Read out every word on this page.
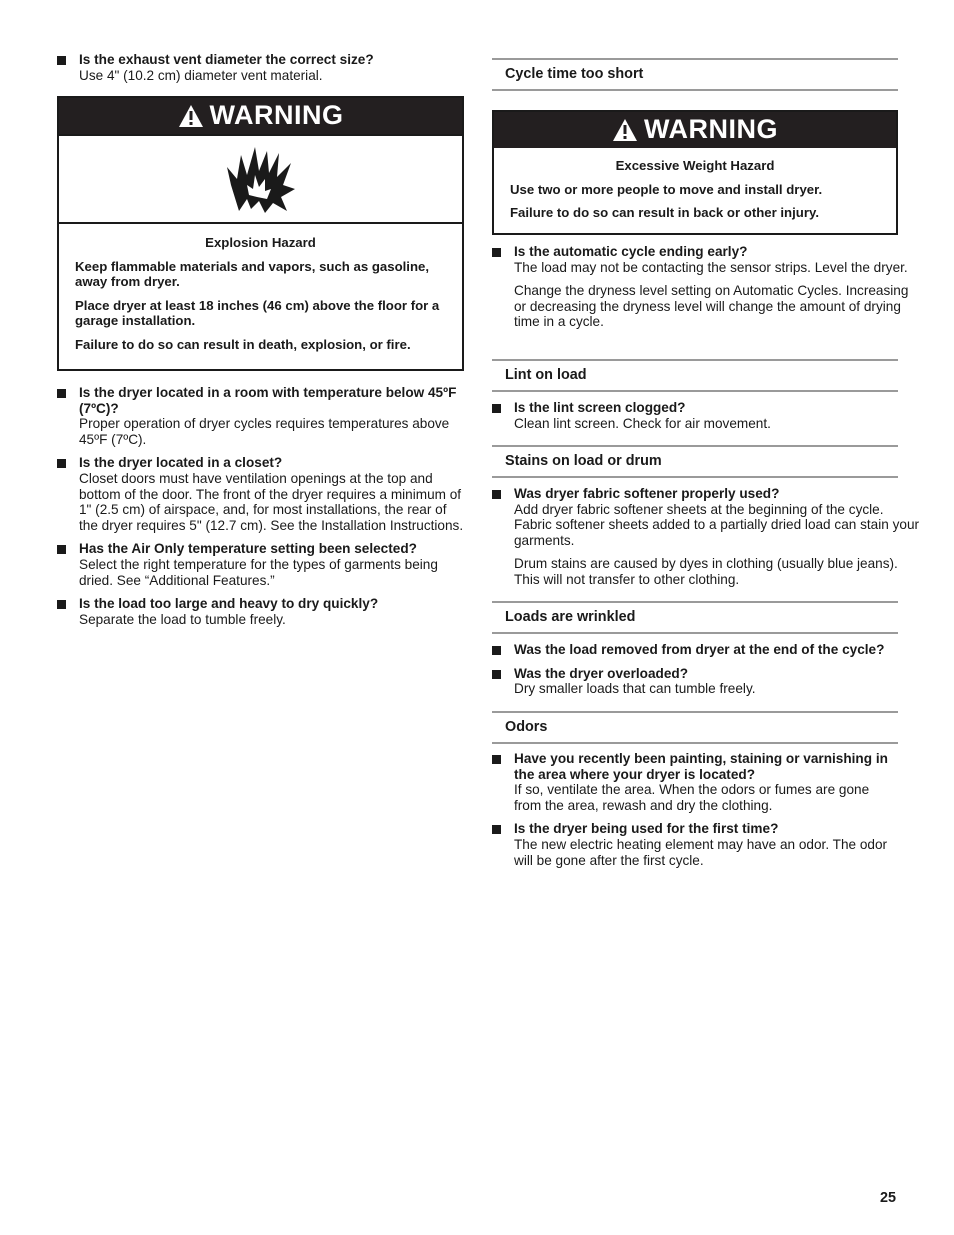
Is the exhaust vent diameter the correct size?
Use 4" (10.2 cm) diameter vent material.
WARNING
Explosion Hazard

Keep flammable materials and vapors, such as gasoline, away from dryer.

Place dryer at least 18 inches (46 cm) above the floor for a garage installation.

Failure to do so can result in death, explosion, or fire.

Is the dryer located in a room with temperature below 45ºF (7ºC)?
Proper operation of dryer cycles requires temperatures above 45ºF (7ºC).
Is the dryer located in a closet?
Closet doors must have ventilation openings at the top and bottom of the door. The front of the dryer requires a minimum of 1" (2.5 cm) of airspace, and, for most installations, the rear of the dryer requires 5" (12.7 cm). See the Installation Instructions.
Has the Air Only temperature setting been selected?
Select the right temperature for the types of garments being dried. See “Additional Features.”
Is the load too large and heavy to dry quickly?
Separate the load to tumble freely.
Cycle time too short
WARNING
Excessive Weight Hazard

Use two or more people to move and install dryer.

Failure to do so can result in back or other injury.

Is the automatic cycle ending early?
The load may not be contacting the sensor strips. Level the dryer.
Change the dryness level setting on Automatic Cycles. Increasing or decreasing the dryness level will change the amount of drying time in a cycle.
Lint on load
Is the lint screen clogged?
Clean lint screen. Check for air movement.
Stains on load or drum
Was dryer fabric softener properly used?
Add dryer fabric softener sheets at the beginning of the cycle. Fabric softener sheets added to a partially dried load can stain your garments.
Drum stains are caused by dyes in clothing (usually blue jeans). This will not transfer to other clothing.
Loads are wrinkled
Was the load removed from dryer at the end of the cycle?
Was the dryer overloaded?
Dry smaller loads that can tumble freely.
Odors
Have you recently been painting, staining or varnishing in the area where your dryer is located?
If so, ventilate the area. When the odors or fumes are gone from the area, rewash and dry the clothing.
Is the dryer being used for the first time?
The new electric heating element may have an odor. The odor will be gone after the first cycle.
25
